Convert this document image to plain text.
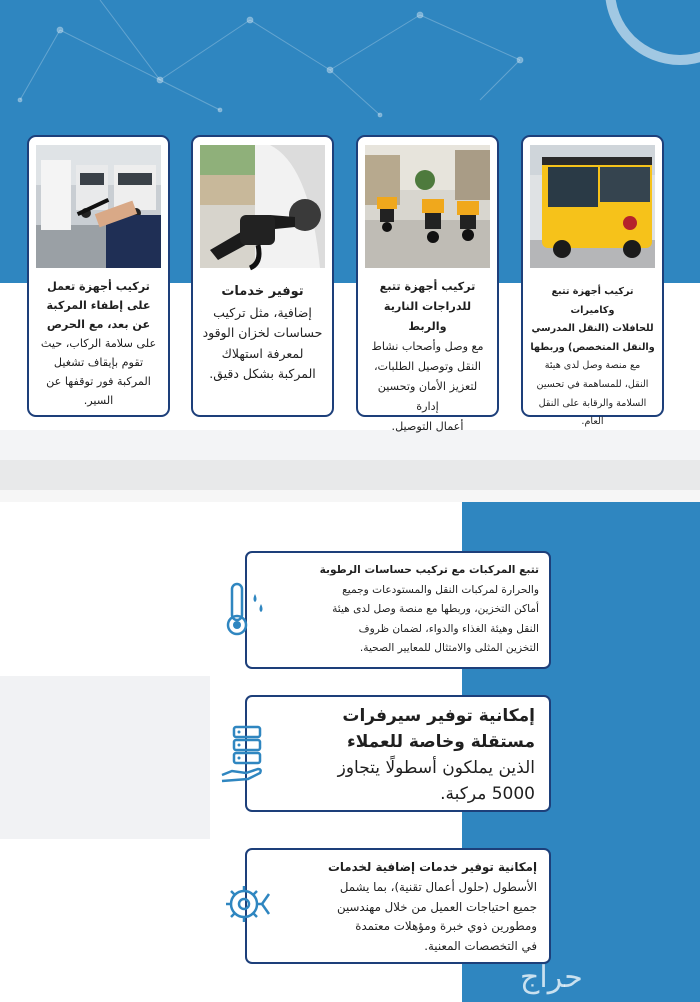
تركيب أجهزة تعمل
على إطفاء المركبة
عن بعد، مع الحرص
على سلامة الركاب، حيث
تقوم بإيقاف تشغيل
المركبة فور توقفها عن
السير.
توفير خدمات
إضافية، مثل تركيب
حساسات لخزان الوقود
لمعرفة استهلاك
المركبة بشكل دقيق.
تركيب أجهزة تتبع
للدراجات النارية والربط
مع وصل وأصحاب نشاط
النقل وتوصيل الطلبات،
لتعزيز الأمان وتحسين إدارة
أعمال التوصيل.
تركيب أجهزة تتبع وكاميرات
للحافلات (النقل المدرسي
والنقل المتخصص) وربطها
مع منصة وصل لدى هيئة
النقل، للمساهمة في تحسين
السلامة والرقابة على النقل العام.
تتبع المركبات مع تركيب حساسات الرطوبة
والحرارة لمركبات النقل والمستودعات وجميع
أماكن التخزين، وربطها مع منصة وصل لدى هيئة
النقل وهيئة الغذاء والدواء، لضمان ظروف
التخزين المثلى والامتثال للمعايير الصحية.
إمكانية توفير سيرفرات
مستقلة وخاصة للعملاء
الذين يملكون أسطولًا يتجاوز
5000 مركبة.
إمكانية توفير خدمات إضافية لخدمات
الأسطول (حلول أعمال تقنية)، بما يشمل
جميع احتياجات العميل من خلال مهندسين
ومطورين ذوي خبرة ومؤهلات معتمدة
في التخصصات المعنية.
حراج
